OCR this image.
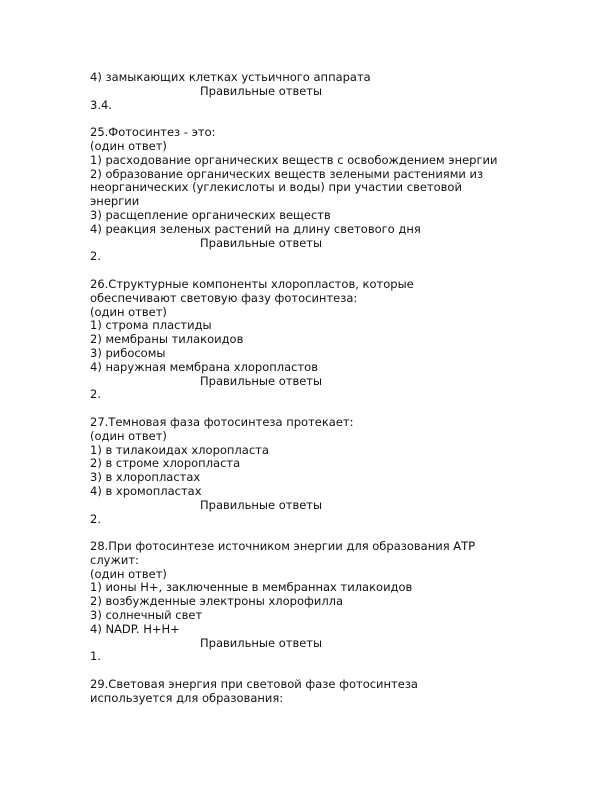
4) замыкающих клетках устьичного аппарата
Правильные ответы
3.4.
25.Фотосинтез - это:
(один ответ)
1) расходование органических веществ с освобождением энергии
2) образование органических веществ зелеными растениями из
неорганических (углекислоты и воды) при участии световой
энергии
3) расщепление органических веществ
4) реакция зеленых растений на длину светового дня
Правильные ответы
2.
26.Структурные компоненты хлоропластов, которые
обеспечивают световую фазу фотосинтеза:
(один ответ)
1) строма пластиды
2) мембраны тилакоидов
3) рибосомы
4) наружная мембрана хлоропластов
Правильные ответы
2.
27.Темновая фаза фотосинтеза протекает:
(один ответ)
1) в тилакоидах хлоропласта
2) в строме хлоропласта
3) в хлоропластах
4) в хромопластах
Правильные ответы
2.
28.При фотосинтезе источником энергии для образования АТР
служит:
(один ответ)
1) ионы Н+, заключенные в мембраннах тилакоидов
2) возбужденные электроны хлорофилла
3) солнечный свет
4) NADP. H+H+
Правильные ответы
1.
29.Световая энергия при световой фазе фотосинтеза
используется для образования:
